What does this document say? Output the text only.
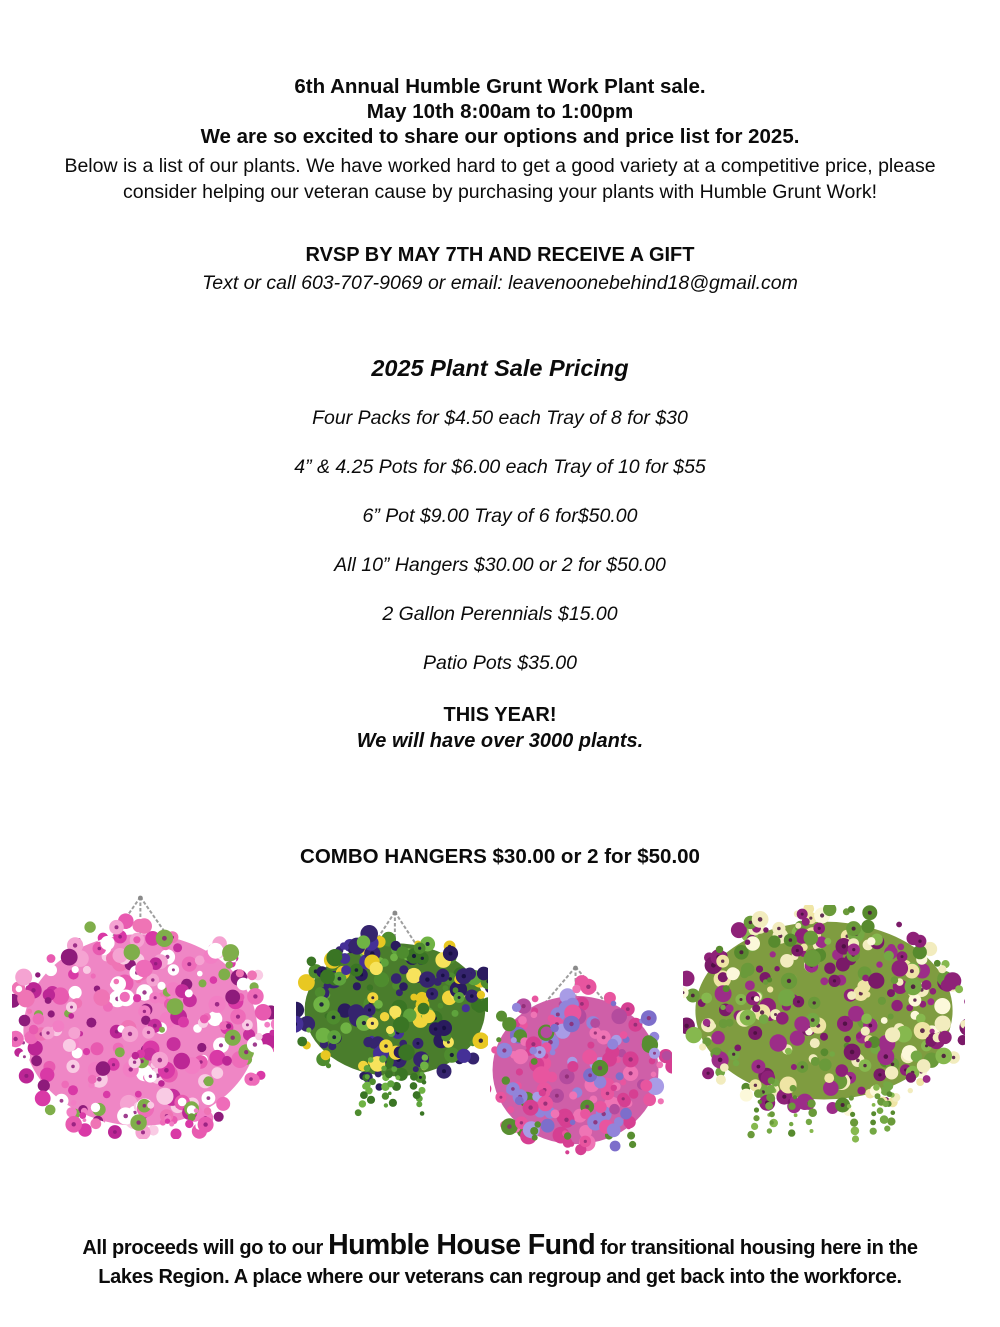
6th Annual Humble Grunt Work Plant sale.
May 10th 8:00am to 1:00pm
We are so excited to share our options and price list for 2025.
Below is a list of our plants. We have worked hard to get a good variety at a competitive price, please consider helping our veteran cause by purchasing your plants with Humble Grunt Work!
RVSP BY MAY 7TH AND RECEIVE A GIFT
Text or call 603-707-9069 or email: leavenoonebehind18@gmail.com
2025 Plant Sale Pricing
Four Packs for $4.50 each Tray of 8 for $30
4” & 4.25 Pots for $6.00 each Tray of 10 for $55
6” Pot $9.00 Tray of 6 for$50.00
All 10” Hangers $30.00 or 2 for $50.00
2 Gallon Perennials $15.00
Patio Pots $35.00
THIS YEAR!
We will have over 3000 plants.
COMBO HANGERS $30.00 or 2 for $50.00
All proceeds will go to our Humble House Fund for transitional housing here in the
Lakes Region. A place where our veterans can regroup and get back into the workforce.
